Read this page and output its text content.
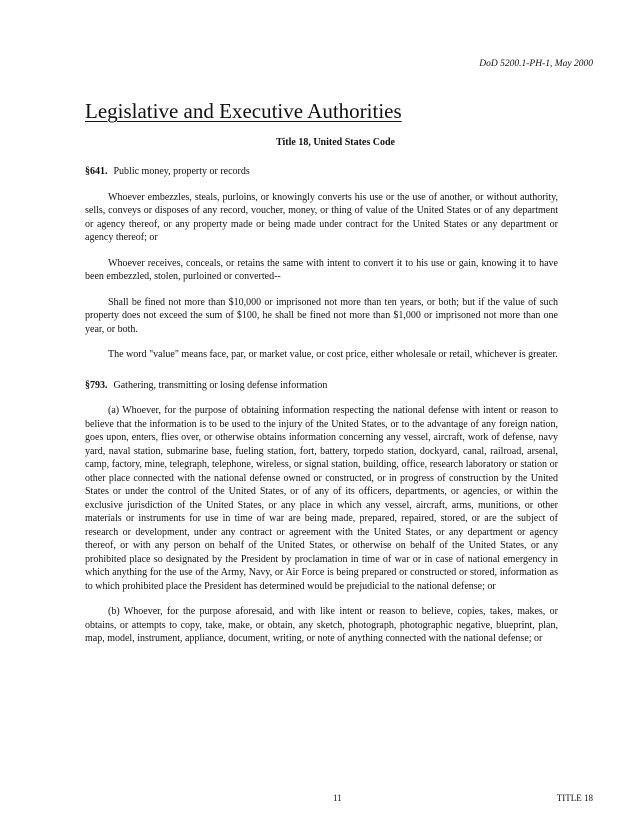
DoD 5200.1-PH-1, May 2000
Legislative and Executive Authorities
Title 18, United States Code
§641. Public money, property or records

Whoever embezzles, steals, purloins, or knowingly converts his use or the use of another, or without authority, sells, conveys or disposes of any record, voucher, money, or thing of value of the United States or of any department or agency thereof, or any property made or being made under contract for the United States or any department or agency thereof; or

Whoever receives, conceals, or retains the same with intent to convert it to his use or gain, knowing it to have been embezzled, stolen, purloined or converted--

Shall be fined not more than $10,000 or imprisoned not more than ten years, or both; but if the value of such property does not exceed the sum of $100, he shall be fined not more than $1,000 or imprisoned not more than one year, or both.

The word "value" means face, par, or market value, or cost price, either wholesale or retail, whichever is greater.

§793. Gathering, transmitting or losing defense information

(a) Whoever, for the purpose of obtaining information respecting the national defense with intent or reason to believe that the information is to be used to the injury of the United States, or to the advantage of any foreign nation, goes upon, enters, flies over, or otherwise obtains information concerning any vessel, aircraft, work of defense, navy yard, naval station, submarine base, fueling station, fort, battery, torpedo station, dockyard, canal, railroad, arsenal, camp, factory, mine, telegraph, telephone, wireless, or signal station, building, office, research laboratory or station or other place connected with the national defense owned or constructed, or in progress of construction by the United States or under the control of the United States, or of any of its officers, departments, or agencies, or within the exclusive jurisdiction of the United States, or any place in which any vessel, aircraft, arms, munitions, or other materials or instruments for use in time of war are being made, prepared, repaired, stored, or are the subject of research or development, under any contract or agreement with the United States, or any department or agency thereof, or with any person on behalf of the United States, or otherwise on behalf of the United States, or any prohibited place so designated by the President by proclamation in time of war or in case of national emergency in which anything for the use of the Army, Navy, or Air Force is being prepared or constructed or stored, information as to which prohibited place the President has determined would be prejudicial to the national defense; or

(b) Whoever, for the purpose aforesaid, and with like intent or reason to believe, copies, takes, makes, or obtains, or attempts to copy, take, make, or obtain, any sketch, photograph, photographic negative, blueprint, plan, map, model, instrument, appliance, document, writing, or note of anything connected with the national defense; or

11	TITLE 18
